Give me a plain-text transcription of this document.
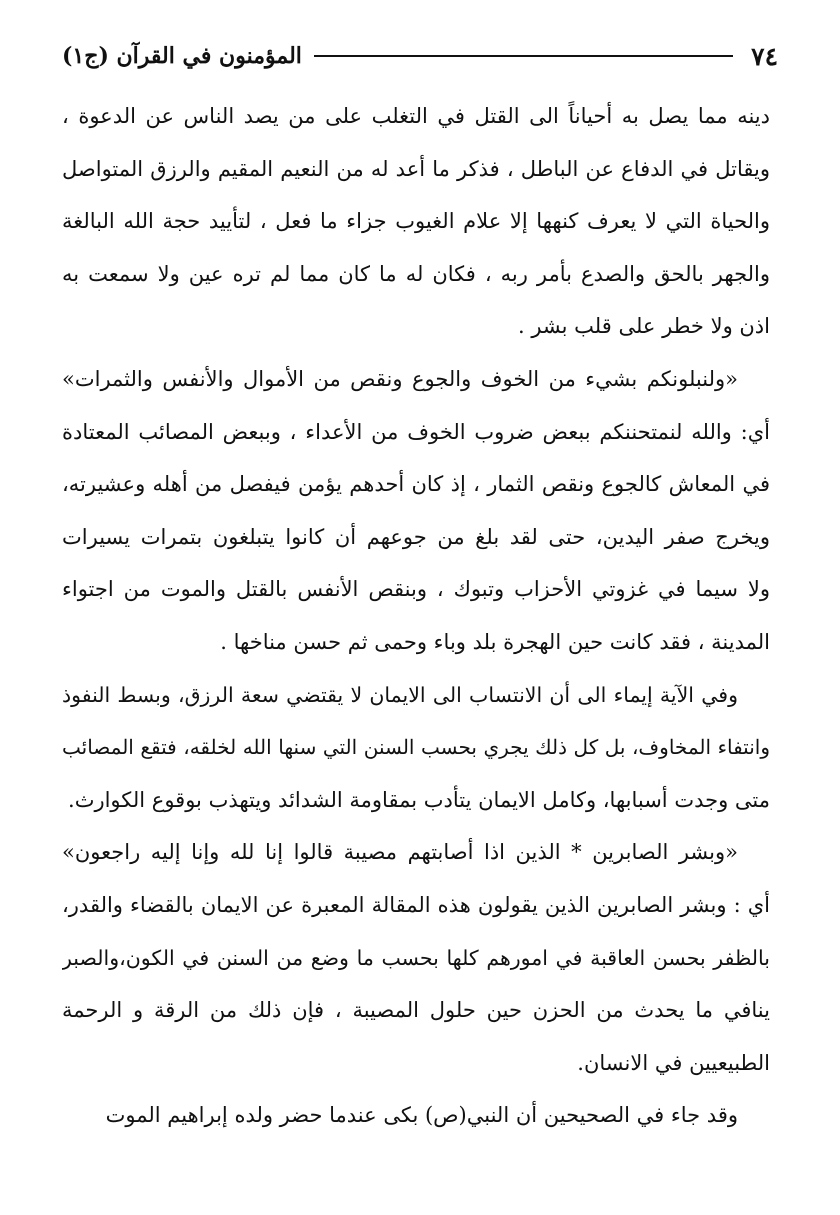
٧٤
المؤمنون في القرآن (ج١)
دينه مما يصل به أحياناً الى القتل في التغلب على من يصد الناس عن الدعوة ،
ويقاتل في الدفاع عن الباطل ، فذكر ما أعد له من النعيم المقيم والرزق المتواصل
والحياة التي لا يعرف كنهها إلا علام الغيوب جزاء ما فعل ، لتأييد حجة الله البالغة
والجهر بالحق والصدع بأمر ربه ، فكان له ما كان مما لم تره عين ولا سمعت به
اذن ولا خطر على قلب بشر .
«ولنبلونكم بشيء من الخوف والجوع ونقص من الأموال والأنفس والثمرات»
أي: والله لنمتحننكم ببعض ضروب الخوف من الأعداء ، وببعض المصائب المعتادة
في المعاش كالجوع ونقص الثمار ، إذ كان أحدهم يؤمن فيفصل من أهله وعشيرته،
ويخرج صفر اليدين، حتى لقد بلغ من جوعهم أن كانوا يتبلغون بتمرات يسيرات
ولا سيما في غزوتي الأحزاب وتبوك ، وبنقص الأنفس بالقتل والموت من اجتواء
المدينة ، فقد كانت حين الهجرة بلد وباء وحمى ثم حسن مناخها .
وفي الآية إيماء الى أن الانتساب الى الايمان لا يقتضي سعة الرزق، وبسط النفوذ
وانتفاء المخاوف، بل كل ذلك يجري بحسب السنن التي سنها الله لخلقه، فتقع المصائب
متى وجدت أسبابها، وكامل الايمان يتأدب بمقاومة الشدائد ويتهذب بوقوع الكوارث.
«وبشر الصابرين * الذين اذا أصابتهم مصيبة قالوا إنا لله وإنا إليه راجعون»
أي : وبشر الصابرين الذين يقولون هذه المقالة المعبرة عن الايمان بالقضاء والقدر،
بالظفر بحسن العاقبة في امورهم كلها بحسب ما وضع من السنن في الكون،والصبر
ينافي ما يحدث من الحزن حين حلول المصيبة ، فإن ذلك من الرقة و الرحمة
الطبيعيين في الانسان.
وقد جاء في الصحيحين أن النبي(ص) بكى عندما حضر ولده إبراهيم الموت
